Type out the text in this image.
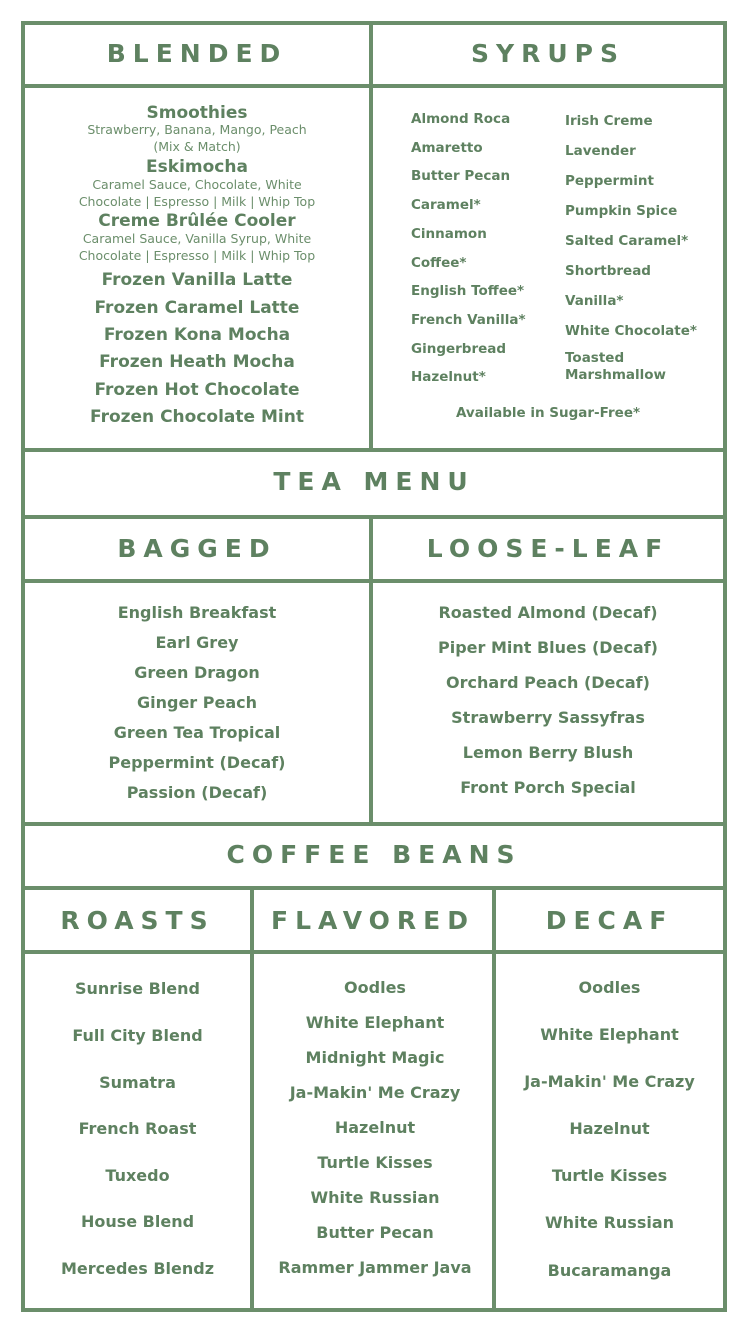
BLENDED	SYRUPS
TEA MENU
BAGGED	LOOSE-LEAF
COFFEE BEANS
ROASTS	FLAVORED	DECAF
Smoothies
Strawberry, Banana, Mango, Peach
(Mix & Match)
Eskimocha
Caramel Sauce, Chocolate, White
Chocolate | Espresso | Milk | Whip Top
Creme Brûlée Cooler
Caramel Sauce, Vanilla Syrup, White
Chocolate | Espresso | Milk | Whip Top
Frozen Vanilla Latte
Frozen Caramel Latte
Frozen Kona Mocha
Frozen Heath Mocha
Frozen Hot Chocolate
Frozen Chocolate Mint
Almond Roca
Amaretto
Butter Pecan
Caramel*
Cinnamon
Coffee*
English Toffee*
French Vanilla*
Gingerbread
Hazelnut*
Irish Creme
Lavender
Peppermint
Pumpkin Spice
Salted Caramel*
Shortbread
Vanilla*
White Chocolate*
Toasted
Marshmallow
Available in Sugar-Free*
English Breakfast
Earl Grey
Green Dragon
Ginger Peach
Green Tea Tropical
Peppermint (Decaf)
Passion (Decaf)
Roasted Almond (Decaf)
Piper Mint Blues (Decaf)
Orchard Peach (Decaf)
Strawberry Sassyfras
Lemon Berry Blush
Front Porch Special
Sunrise Blend
Full City Blend
Sumatra
French Roast
Tuxedo
House Blend
Mercedes Blendz
Oodles
White Elephant
Midnight Magic
Ja-Makin' Me Crazy
Hazelnut
Turtle Kisses
White Russian
Butter Pecan
Rammer Jammer Java
Oodles
White Elephant
Ja-Makin' Me Crazy
Hazelnut
Turtle Kisses
White Russian
Bucaramanga
